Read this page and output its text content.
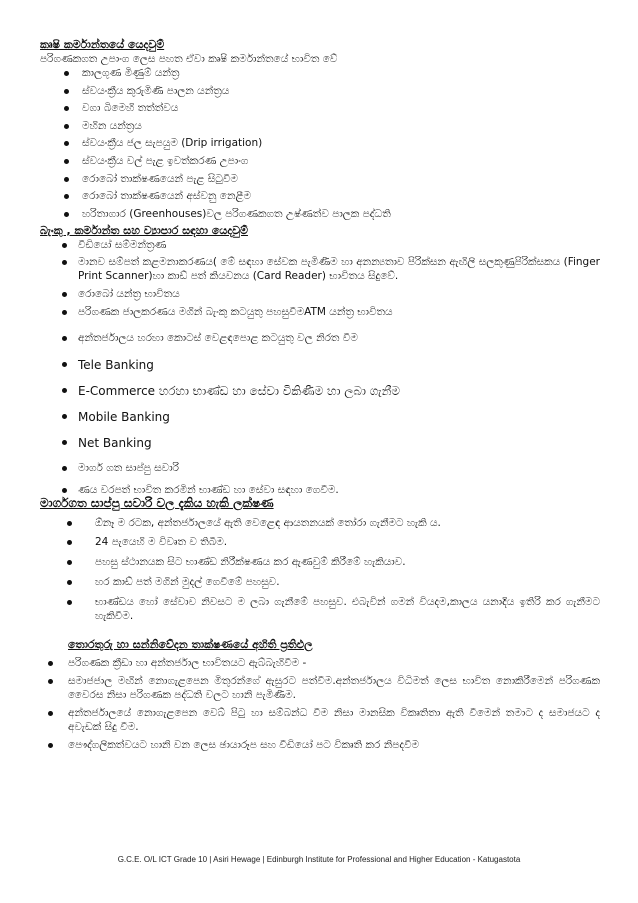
කෘෂි කර්මාන්තයේ යෙදවුම්
පරිගණකගත උපාංග ලෙස පහත ඒවා කෘෂි කර්මාන්තයේ භාවිත වේ
කාලගුණ මිණුම් යන්ත්‍ර
ස්වයංක්‍රීය කුරුමිණි පාලන යන්ත්‍රය
වගා බිමෙහි තත්ත්වය
මහින යන්ත්‍රය
ස්වයංක්‍රීය ජල සැපයුම (Drip irrigation)
ස්වයංක්‍රීය වල් පැළ ඉවත්කරණ උපාංග
රොබෝ තාක්ෂණයෙන් පැළ සිටුවීම
රොබෝ තාක්ෂණයෙන් අස්වනු නෙළීම
හරිතාගාර (Greenhouses)වල පරිගණකගත උෂ්ණත්ව පාලක පද්ධති
බැංකු , කර්මාන්ත සහ ව්‍යාපාර සඳහා යෙදවුම්
වීඩියෝ සම්මන්ත්‍රණ
මානව සම්පත් කළමනාකරණය( මේ සඳහා සේවක පැමිණීම හා අනන්‍යතාව පිරික්සන ඇඟිලි සලකුණුපිරික්සකය (Finger Print Scanner)හා කාඩ් පත් කියවනය (Card Reader) භාවිතය සිදුවේ.
රොබෝ යන්ත්‍ර භාවිතය
පරිගණක ජාලකරණය මගින් බැංකු කටයුතු පහසුවීමATM යන්ත්‍ර භාවිතය
අන්තර්ජාලය හරහා කොටස් වෙළඳපොළ කටයුතු වල නිරත වීම
Tele Banking
E-Commerce හරහා භාණ්ඩ හා සේවා විකිණීම හා ලබා ගැනීම
Mobile Banking
Net Banking
මාර්ග ගත සාප්පු සවාරි
ණය වරපත් භාවිත කරමින් භාණ්ඩ හා සේවා සඳහා ගෙවීම.
මාර්ගගත සාප්පු සවාරි වල දැකිය හැකි ලක්ෂණ
ඕනෑ ම රටක, අන්තර්ජාලයේ ඇති වෙළෙඳ ආයතනයක් තෝරා ගැනීමට හැකි ය.
24 පැයෙහි ම විවෘත ව තිබීම.
පහසු ස්ථානයක සිට භාණ්ඩ නිරීක්ෂණය කර ඇණවුම් කිරීමේ හැකියාව.
හර කාඩ් පත් මගින් මුදල් ගෙවීමේ පහසුව.
භාණ්ඩය හෝ සේවාව නිවසට ම ලබා ගැනීමේ පහසුව. එබැවින් ගමන් වියදම,කාලය යනාදිය ඉතිරි කර ගැනීමට හැකිවීම.
තොරතුරු හා සන්නිවේදන තාක්ෂණයේ අහිති ප්‍රතිඵල
පරිගණක ක්‍රීඩා හා අන්තර්ජාල භාවිතයට ඇබ්බැහිවීම -
සමාජජාල මඟින් නොගැළපෙන මිතුරන්ගේ ඇසුරට පත්වීම.අන්තර්ජාලය විධිමත් ලෙස භාවිත නොකිරීමෙන් පරිගණක වෛරස නිසා පරිගණක පද්ධති වලට හානි පැමිණීම.
අන්තර්ජාලයේ නොගැළපෙන වෙබ් පිටු හා සම්බන්ධ වීම නිසා මානසික විකෘතිතා ඇති වීමෙන් තමාට ද සමාජයට ද අවැඩක් සිදු වීම.
පෞද්ගලිකත්වයට හානි වන ලෙස ඡායාරූප සහ වීඩියෝ පට විකෘති කර නිපදවීම
G.C.E. O/L ICT Grade 10 | Asiri Hewage | Edinburgh Institute for Professional and Higher Education - Katugastota
